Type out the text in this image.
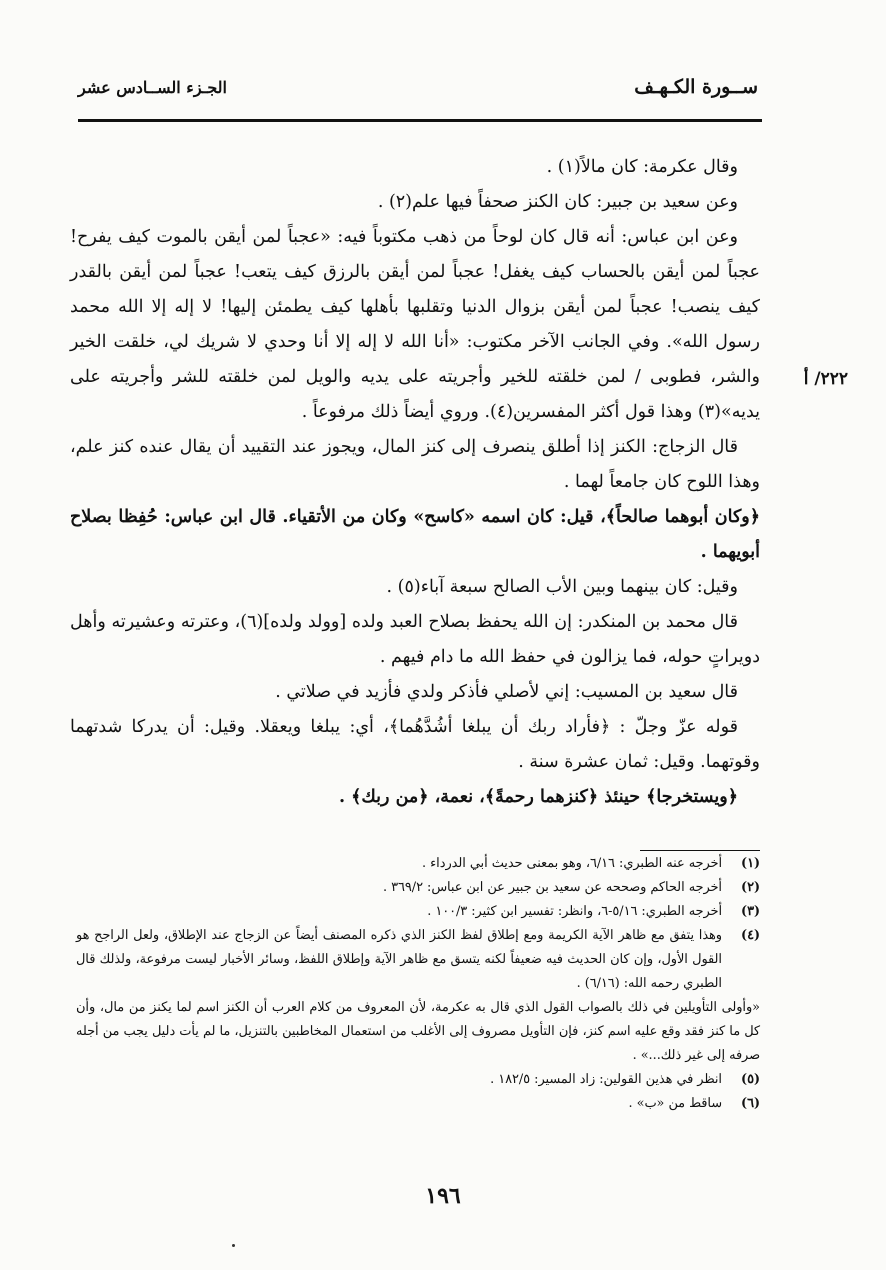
ســورة الكـهـف
الجـزء الســادس عشر
٢٢٢/ أ

وقال عكرمة: كان مالاً(١) .

وعن سعيد بن جبير: كان الكنز صحفاً فيها علم(٢) .

وعن ابن عباس: أنه قال كان لوحاً من ذهب مكتوباً فيه: «عجباً لمن أيقن بالموت كيف يفرح! عجباً لمن أيقن بالحساب كيف يغفل! عجباً لمن أيقن بالرزق كيف يتعب! عجباً لمن أيقن بالقدر كيف ينصب! عجباً لمن أيقن بزوال الدنيا وتقلبها بأهلها كيف يطمئن إليها! لا إله إلا الله محمد رسول الله». وفي الجانب الآخر مكتوب: «أنا الله لا إله إلا أنا وحدي لا شريك لي، خلقت الخير والشر، فطوبى / لمن خلقته للخير وأجريته على يديه والويل لمن خلقته للشر وأجريته على يديه»(٣) وهذا قول أكثر المفسرين(٤). وروي أيضاً ذلك مرفوعاً .

قال الزجاج: الكنز إذا أطلق ينصرف إلى كنز المال، ويجوز عند التقييد أن يقال عنده كنز علم، وهذا اللوح كان جامعاً لهما .

﴿وكان أبوهما صالحاً﴾، قيل: كان اسمه «كاسح» وكان من الأتقياء. قال ابن عباس: حُفِظا بصلاح أبويهما .

وقيل: كان بينهما وبين الأب الصالح سبعة آباء(٥) .

قال محمد بن المنكدر: إن الله يحفظ بصلاح العبد ولده [وولد ولده](٦)، وعترته وعشيرته وأهل دويراتٍ حوله، فما يزالون في حفظ الله ما دام فيهم .

قال سعيد بن المسيب: إني لأصلي فأذكر ولدي فأزيد في صلاتي .

قوله عزّ وجلّ : ﴿فأراد ربك أن يبلغا أشُدَّهُما﴾، أي: يبلغا ويعقلا. وقيل: أن يدركا شدتهما وقوتهما. وقيل: ثمان عشرة سنة .

﴿ويستخرجا﴾ حينئذ ﴿كنزهما رحمةً﴾، نعمة، ﴿من ربك﴾ .

(١)
أخرجه عنه الطبري: ٦/١٦، وهو بمعنى حديث أبي الدرداء .
(٢)
أخرجه الحاكم وصححه عن سعيد بن جبير عن ابن عباس: ٣٦٩/٢ .
(٣)
أخرجه الطبري: ٥/١٦-٦، وانظر: تفسير ابن كثير: ١٠٠/٣ .
(٤)
وهذا يتفق مع ظاهر الآية الكريمة ومع إطلاق لفظ الكنز الذي ذكره المصنف أيضاً عن الزجاج عند الإطلاق، ولعل الراجح هو القول الأول، وإن كان الحديث فيه ضعيفاً لكنه يتسق مع ظاهر الآية وإطلاق اللفظ، وسائر الأخبار ليست مرفوعة، ولذلك قال الطبري رحمه الله: (٦/١٦) .
«وأولى التأويلين في ذلك بالصواب القول الذي قال به عكرمة، لأن المعروف من كلام العرب أن الكنز اسم لما يكنز من مال، وأن كل ما كنز فقد وقع عليه اسم كنز، فإن التأويل مصروف إلى الأغلب من استعمال المخاطبين بالتنزيل، ما لم يأت دليل يجب من أجله صرفه إلى غير ذلك...» .
(٥)
انظر في هذين القولين: زاد المسير: ١٨٢/٥ .
(٦)
ساقط من «ب» .
١٩٦
